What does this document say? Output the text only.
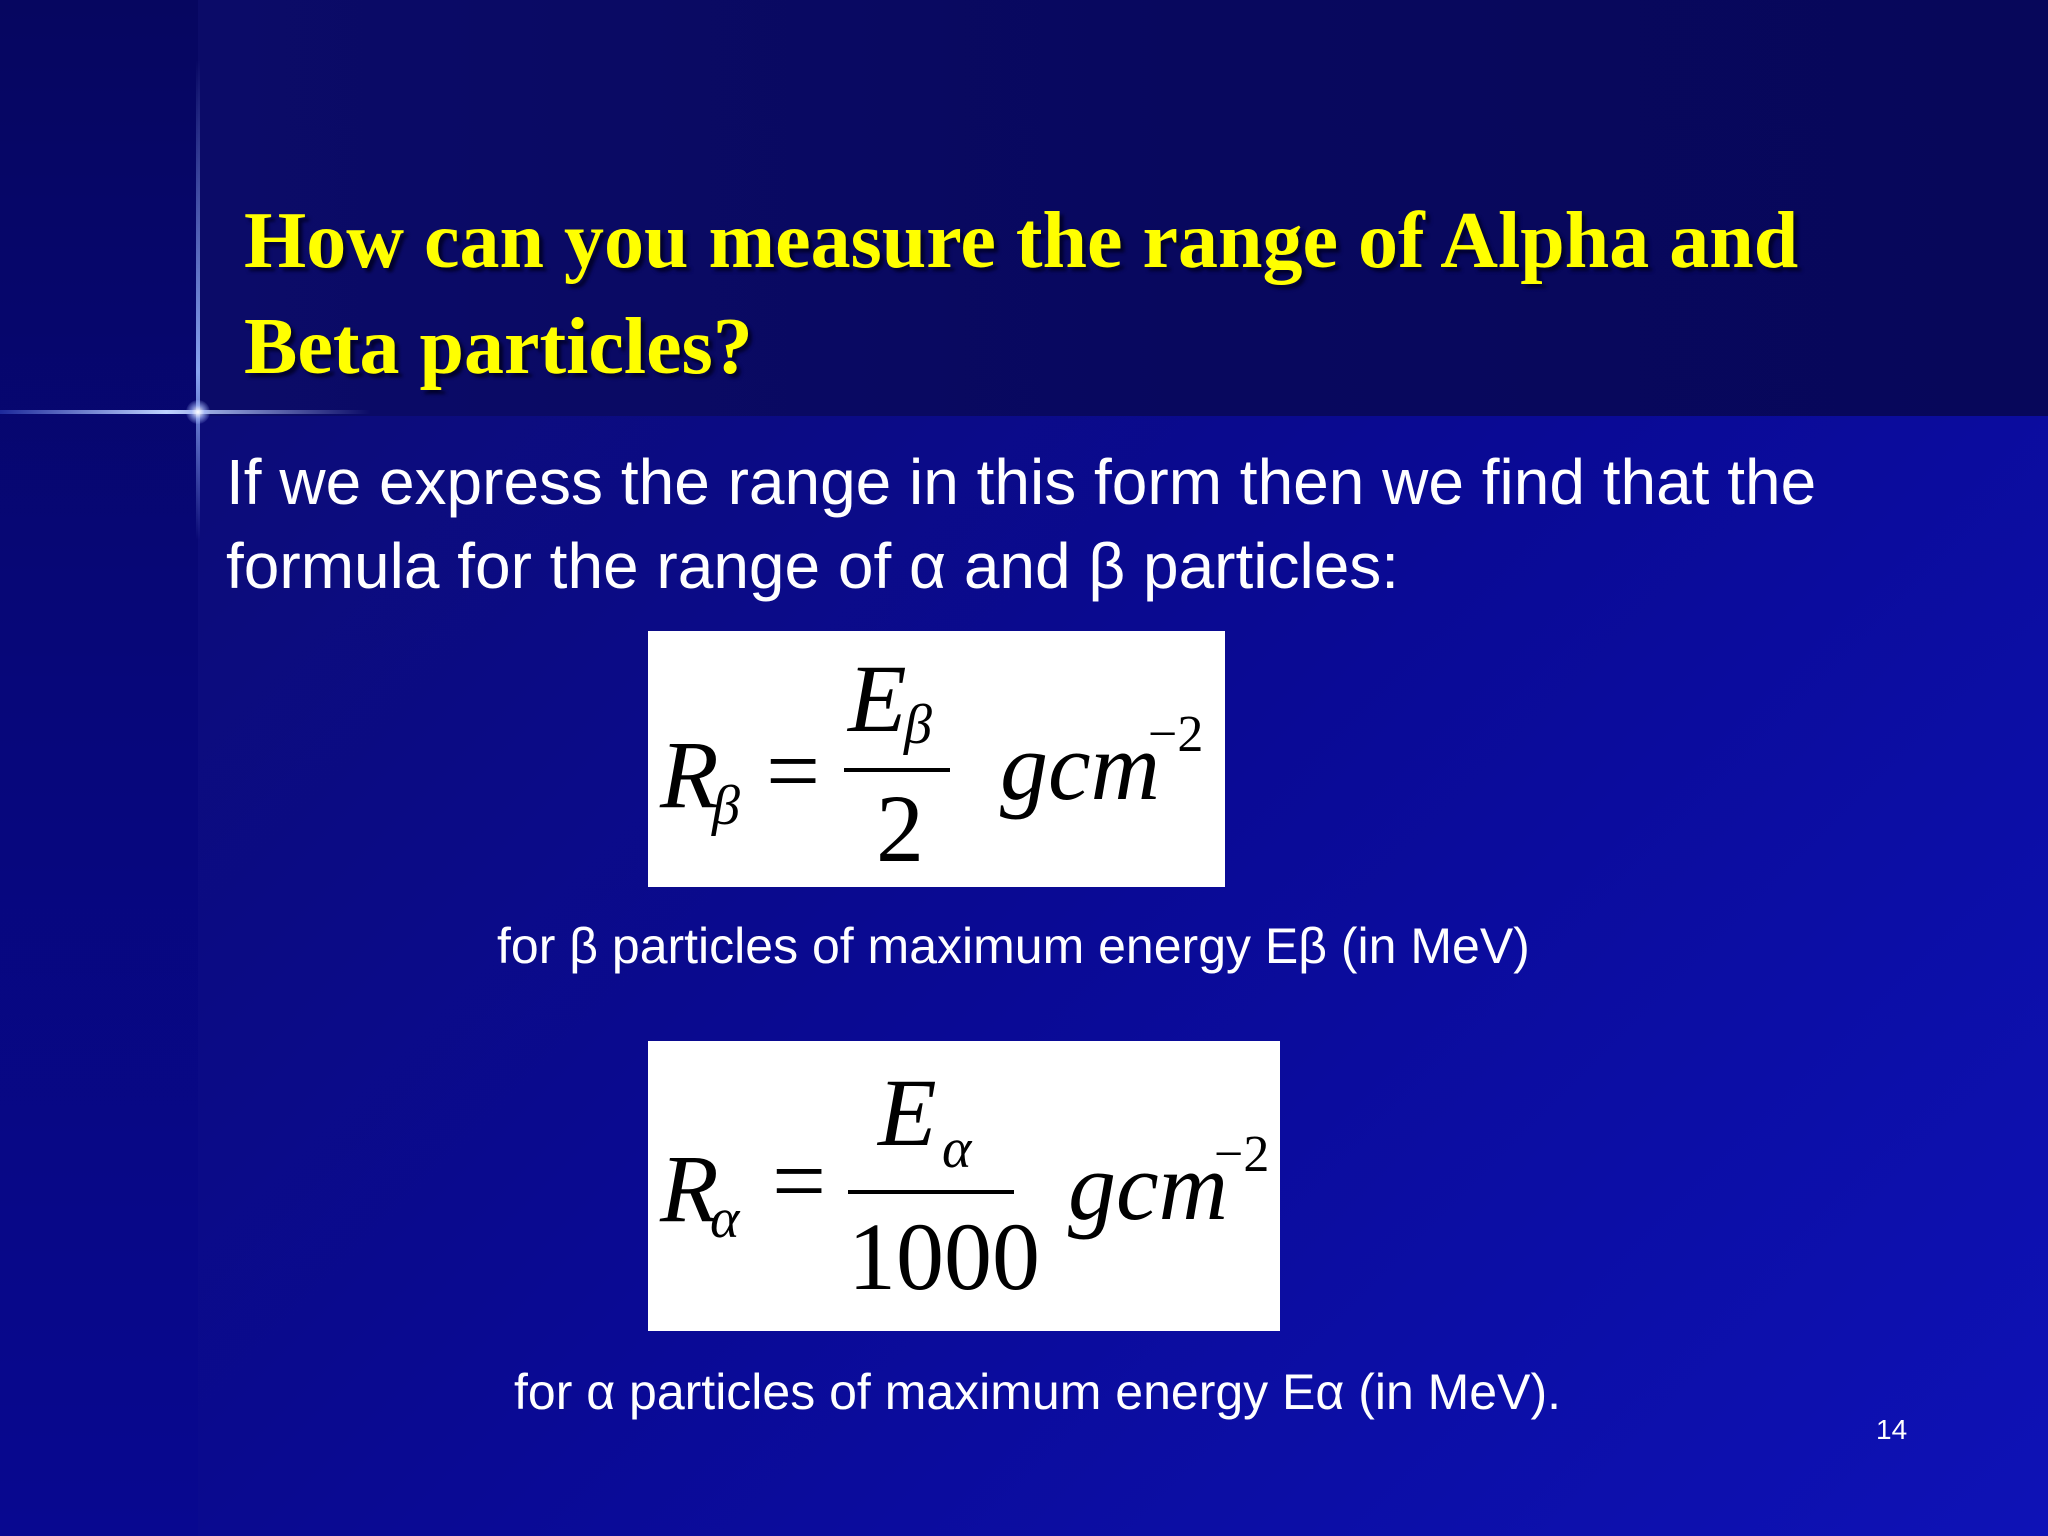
How can you measure the range of Alpha and Beta particles?
If we express the range in this form then we find that the formula for the range of α and β particles:
R
β =
E
β
2
gcm
−2
for β particles of maximum energy Eβ (in MeV)
R
α =
E α
1000
gcm
−2
for α particles of maximum energy Eα (in MeV).
14
